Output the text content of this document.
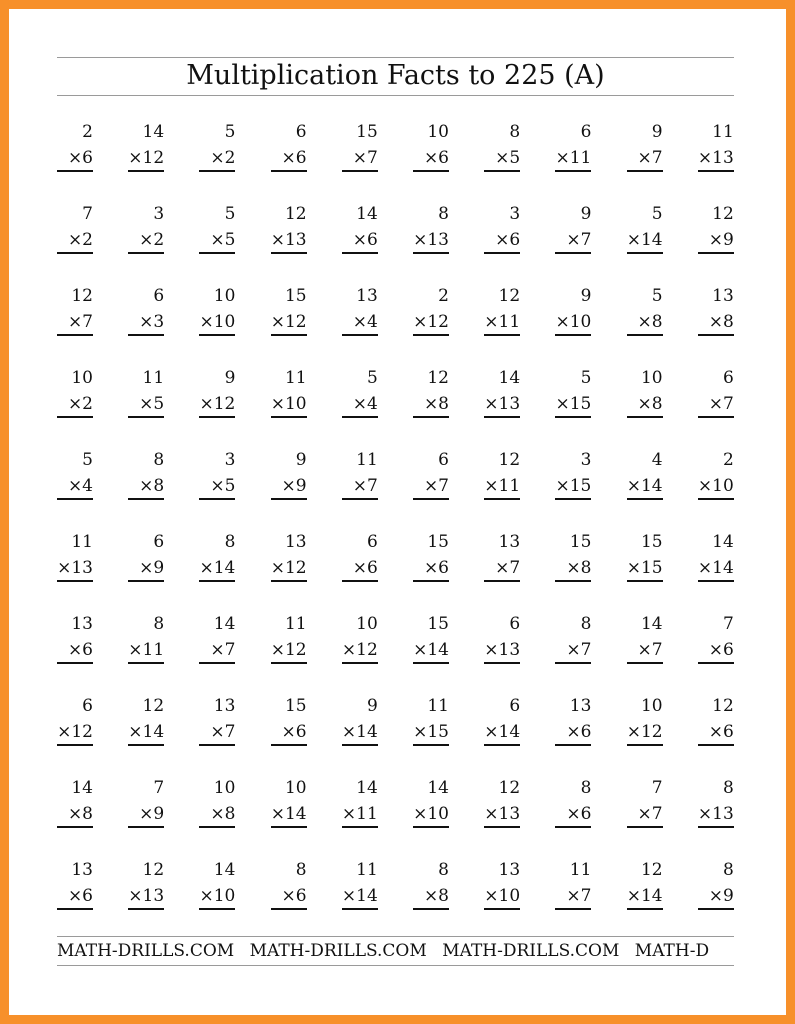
Multiplication Facts to 225 (A)
2
×6
14
×12
5
×2
6
×6
15
×7
10
×6
8
×5
6
×11
9
×7
11
×13
7
×2
3
×2
5
×5
12
×13
14
×6
8
×13
3
×6
9
×7
5
×14
12
×9
12
×7
6
×3
10
×10
15
×12
13
×4
2
×12
12
×11
9
×10
5
×8
13
×8
10
×2
11
×5
9
×12
11
×10
5
×4
12
×8
14
×13
5
×15
10
×8
6
×7
5
×4
8
×8
3
×5
9
×9
11
×7
6
×7
12
×11
3
×15
4
×14
2
×10
11
×13
6
×9
8
×14
13
×12
6
×6
15
×6
13
×7
15
×8
15
×15
14
×14
13
×6
8
×11
14
×7
11
×12
10
×12
15
×14
6
×13
8
×7
14
×7
7
×6
6
×12
12
×14
13
×7
15
×6
9
×14
11
×15
6
×14
13
×6
10
×12
12
×6
14
×8
7
×9
10
×8
10
×14
14
×11
14
×10
12
×13
8
×6
7
×7
8
×13
13
×6
12
×13
14
×10
8
×6
11
×14
8
×8
13
×10
11
×7
12
×14
8
×9
MATH-DRILLS.COM MATH-DRILLS.COM MATH-DRILLS.COM MATH-D
